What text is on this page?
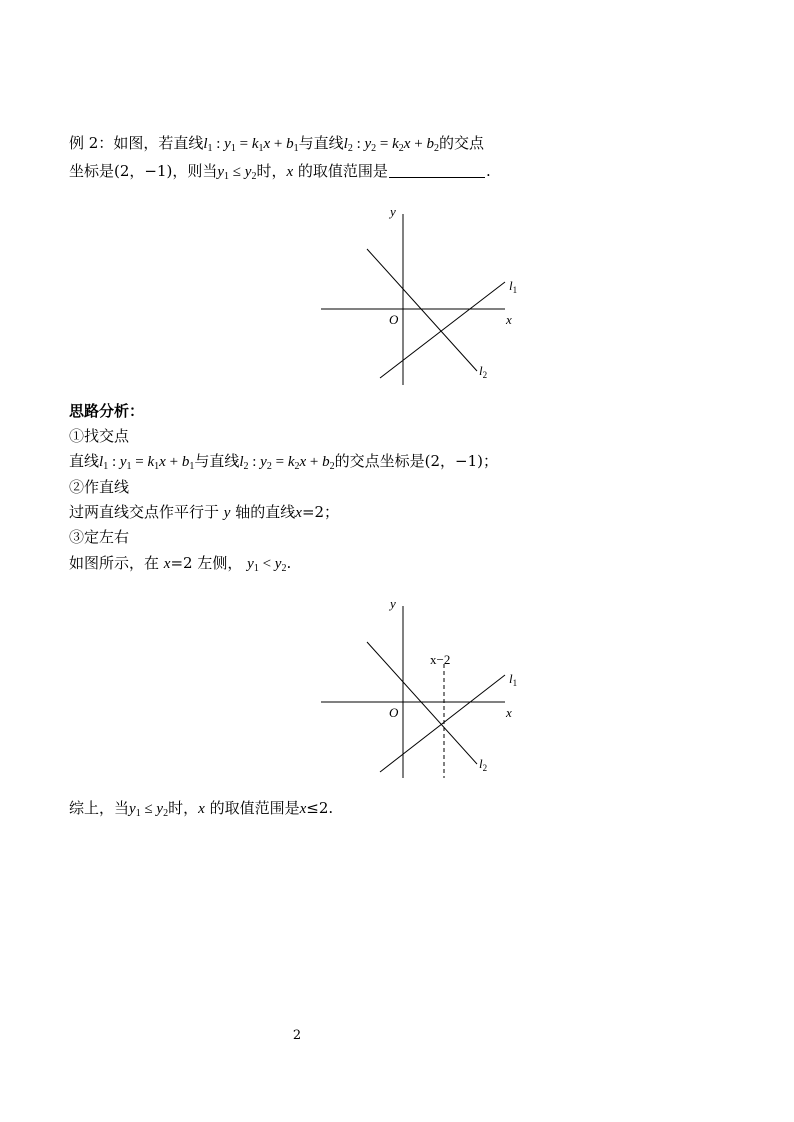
例 2：如图，若直线$l_1$ : $y_1 = k_1x + b_1$与直线$l_2$ : $y_2 = k_2x + b_2$的交点
坐标是(2，−1)，则当$y_1 \le y_2$时，x 的取值范围是	.
y
x
O
$l_1$
$l_2$
思路分析：
①找交点
直线$l_1$ : $y_1 = k_1x + b_1$与直线$l_2$ : $y_2 = k_2x + b_2$的交点坐标是(2，−1)；
②作直线
过两直线交点作平行于 y 轴的直线x=2；
③定左右
如图所示，在 x=2 左侧， $y_1 < y_2$.
y
x
O
x−2
$l_1$
$l_2$
综上，当$y_1 \le y_2$时，x 的取值范围是x≤2.
2
